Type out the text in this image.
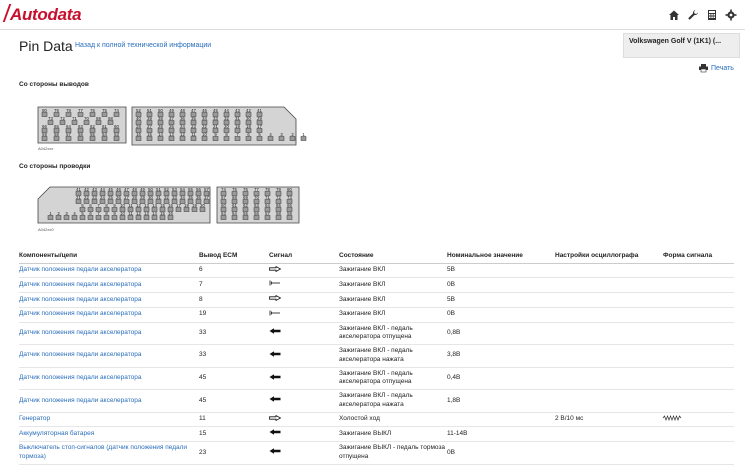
Autodata
Pin Data Назад к полной технической информации
Volkswagen Golf V (1K1) (...
Печать
Со стороны выводов
80 79 78 77 76 75 74
73 72 71 70 69 68
66 65 64 63 62 61 60
59 58 57 56 55 54 53
A042xxx
52 51 50 49 48 47 46 45 44 43 42 41
40 39 38 37 36 35 34 33 32 31 30 29
28 27 26 25 24 23 22 21 20 19 18 17
16 15 14 13 12 11 10 9 8 7 6 5 4 3 2 1
Со стороны проводки
41 42 43 44 45 46 47 48 49 50 51 52 53 54 55 56 57
21 22 23 24 25 26 27 28 29 30 31 32 33 34 35 36 37
5 6 7 8 9 10 11 12 13 14 15 16 17 18 19 20
1 2 3 4 5 6 7 8 9 10 11 12 13 14 15 16
A042xx0
74 75 76 77 78 79 80
67 68 69 70 71 72 73
60 61 62 63 64 65 66
53 54 55 56 57 58 59
Компоненты/цепи	Вывод ECM	Сигнал	Состояние	Номинальное значение	Настройки осциллографа	Форма сигнала
Датчик положения педали акселератора	6		Зажигание ВКЛ	5В		
Датчик положения педали акселератора	7		Зажигание ВКЛ	0В		
Датчик положения педали акселератора	8		Зажигание ВКЛ	5В		
Датчик положения педали акселератора	19		Зажигание ВКЛ	0В		
Датчик положения педали акселератора	33		Зажигание ВКЛ - педаль акселератора отпущена	0,8В		
Датчик положения педали акселератора	33		Зажигание ВКЛ - педаль акселератора нажата	3,8В		
Датчик положения педали акселератора	45		Зажигание ВКЛ - педаль акселератора отпущена	0,4В		
Датчик положения педали акселератора	45		Зажигание ВКЛ - педаль акселератора нажата	1,8В		
Генератор	11		Холостой ход		2 В/10 мс	
Аккумуляторная батарея	15		Зажигание ВЫКЛ	11-14В		
Выключатель стоп-сигналов (датчик положения педали тормоза)	23		Зажигание ВЫКЛ - педаль тормоза отпущена	0В		
